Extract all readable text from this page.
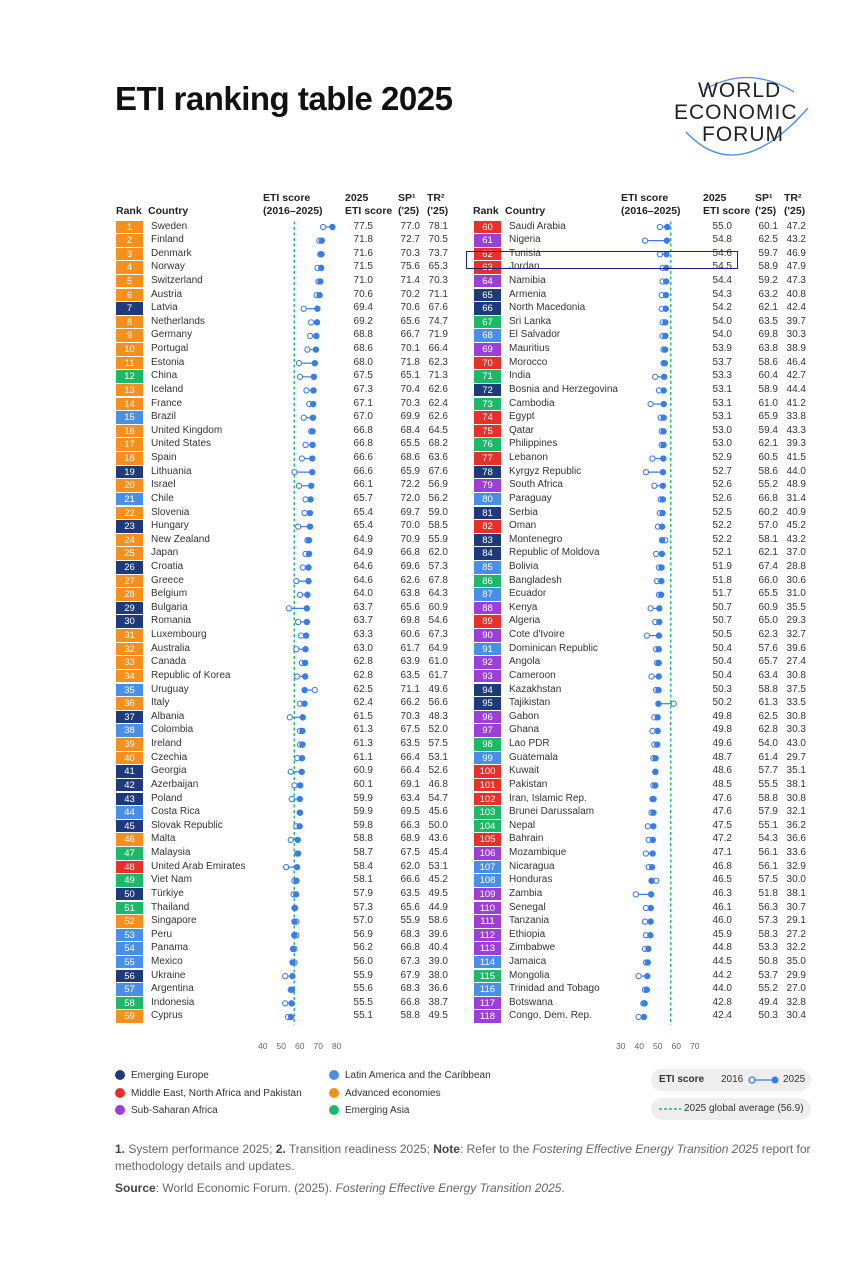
ETI ranking table 2025	WORLD
ECONOMIC
FORUM
Rank Country
ETI score
(2016–2025)
2025
ETI score
SP¹
('25)
TR²
('25) Rank Country
ETI score
(2016–2025)
2025
ETI score
SP¹
('25)
TR²
('25)
1	Sweden	77.5	77.0 78.1
2	Finland	71.8	72.7 70.5
3	Denmark	71.6	70.3 73.7
4	Norway	71.5	75.6 65.3
5	Switzerland	71.0	71.4 70.3
6	Austria	70.6	70.2 71.1
7	Latvia	69.4	70.6 67.6
8	Netherlands	69.2	65.6 74.7
9	Germany	68.8	66.7 71.9
10	Portugal	68.6	70.1 66.4
11	Estonia	68.0	71.8 62.3
12	China	67.5	65.1 71.3
13	Iceland	67.3	70.4 62.6
14	France	67.1	70.3 62.4
15	Brazil	67.0	69.9 62.6
16	United Kingdom	66.8	68.4 64.5
17	United States	66.8	65.5 68.2
18	Spain	66.6	68.6 63.6
19	Lithuania	66.6	65.9 67.6
20	Israel	66.1	72.2 56.9
21	Chile	65.7	72.0 56.2
22	Slovenia	65.4	69.7 59.0
23	Hungary	65.4	70.0 58.5
24	New Zealand	64.9	70.9 55.9
25	Japan	64.9	66.8 62.0
26	Croatia	64.6	69.6 57.3
27	Greece	64.6	62.6 67.8
28	Belgium	64.0	63.8 64.3
29	Bulgaria	63.7	65.6 60.9
30	Romania	63.7	69.8 54.6
31	Luxembourg	63.3	60.6 67.3
32	Australia	63.0	61.7 64.9
33	Canada	62.8	63.9 61.0
34	Republic of Korea	62.8	63.5 61.7
35	Uruguay	62.5	71.1 49.6
36	Italy	62.4	66.2 56.6
37	Albania	61.5	70.3 48.3
38	Colombia	61.3	67.5 52.0
39	Ireland	61.3	63.5 57.5
40	Czechia	61.1	66.4 53.1
41	Georgia	60.9	66.4 52.6
42	Azerbaijan	60.1	69.1 46.8
43	Poland	59.9	63.4 54.7
44	Costa Rica	59.9	69.5 45.6
45	Slovak Republic	59.8	66.3 50.0
46	Malta	58.8	68.9 43.6
47	Malaysia	58.7	67.5 45.4
48	United Arab Emirates	58.4	62.0 53.1
49	Viet Nam	58.1	66.6 45.2
50	Türkiye	57.9	63.5 49.5
51	Thailand	57.3	65.6 44.9
52	Singapore	57.0	55.9 58.6
53	Peru	56.9	68.3 39.6
54	Panama	56.2	66.8 40.4
55	Mexico	56.0	67.3 39.0
56	Ukraine	55.9	67.9 38.0
57	Argentina	55.6	68.3 36.6
58	Indonesia	55.5	66.8 38.7
59	Cyprus	55.1	58.8 49.5
60	Saudi Arabia	55.0	60.1 47.2
61	Nigeria	54.8	62.5 43.2
62	Tunisia	54.6	59.7 46.9
63	Jordan	54.5	58.9 47.9
64	Namibia	54.4	59.2 47.3
65	Armenia	54.3	63.2 40.8
66	North Macedonia	54.2	62.1 42.4
67	Sri Lanka	54.0	63.5 39.7
68	El Salvador	54.0	69.8 30.3
69	Mauritius	53.9	63.8 38.9
70	Morocco	53.7	58.6 46.4
71	India	53.3	60.4 42.7
72	Bosnia and Herzegovina	53.1	58.9 44.4
73	Cambodia	53.1	61.0 41.2
74	Egypt	53.1	65.9 33.8
75	Qatar	53.0	59.4 43.3
76	Philippines	53.0	62.1 39.3
77	Lebanon	52.9	60.5 41.5
78	Kyrgyz Republic	52.7	58.6 44.0
79	South Africa	52.6	55.2 48.9
80	Paraguay	52.6	66.8 31.4
81	Serbia	52.5	60.2 40.9
82	Oman	52.2	57.0 45.2
83	Montenegro	52.2	58.1 43.2
84	Republic of Moldova	52.1	62.1 37.0
85	Bolivia	51.9	67.4 28.8
86	Bangladesh	51.8	66.0 30.6
87	Ecuador	51.7	65.5 31.0
88	Kenya	50.7	60.9 35.5
89	Algeria	50.7	65.0 29.3
90	Cote d'Ivoire	50.5	62.3 32.7
91	Dominican Republic	50.4	57.6 39.6
92	Angola	50.4	65.7 27.4
93	Cameroon	50.4	63.4 30.8
94	Kazakhstan	50.3	58.8 37.5
95	Tajikistan	50.2	61.3 33.5
96	Gabon	49.8	62.5 30.8
97	Ghana	49.8	62.8 30.3
98	Lao PDR	49.6	54.0 43.0
99	Guatemala	48.7	61.4 29.7
100	Kuwait	48.6	57.7 35.1
101	Pakistan	48.5	55.5 38.1
102	Iran, Islamic Rep.	47.6	58.8 30.8
103	Brunei Darussalam	47.6	57.9 32.1
104	Nepal	47.5	55.1 36.2
105	Bahrain	47.2	54.3 36.6
106	Mozambique	47.1	56.1 33.6
107	Nicaragua	46.8	56.1 32.9
108	Honduras	46.5	57.5 30.0
109	Zambia	46.3	51.8 38.1
110	Senegal	46.1	56.3 30.7
111	Tanzania	46.0	57.3 29.1
112	Ethiopia	45.9	58.3 27.2
113	Zimbabwe	44.8	53.3 32.2
114	Jamaica	44.5	50.8 35.0
115	Mongolia	44.2	53.7 29.9
116	Trinidad and Tobago	44.0	55.2 27.0
117	Botswana	42.8	49.4 32.8
118	Congo, Dem. Rep.	42.4	50.3 30.4
40 50 60 70 80	30 40 50 60 70
Emerging Europe	Latin America and the Caribbean
Middle East, North Africa and Pakistan	Advanced economies
Sub-Saharan Africa	Emerging Asia
ETI score 2016	2025
2025 global average (56.9)
1. System performance 2025; 2. Transition readiness 2025; Note: Refer to the Fostering Effective Energy Transition 2025 report for methodology details and updates.
Source: World Economic Forum. (2025). Fostering Effective Energy Transition 2025.
